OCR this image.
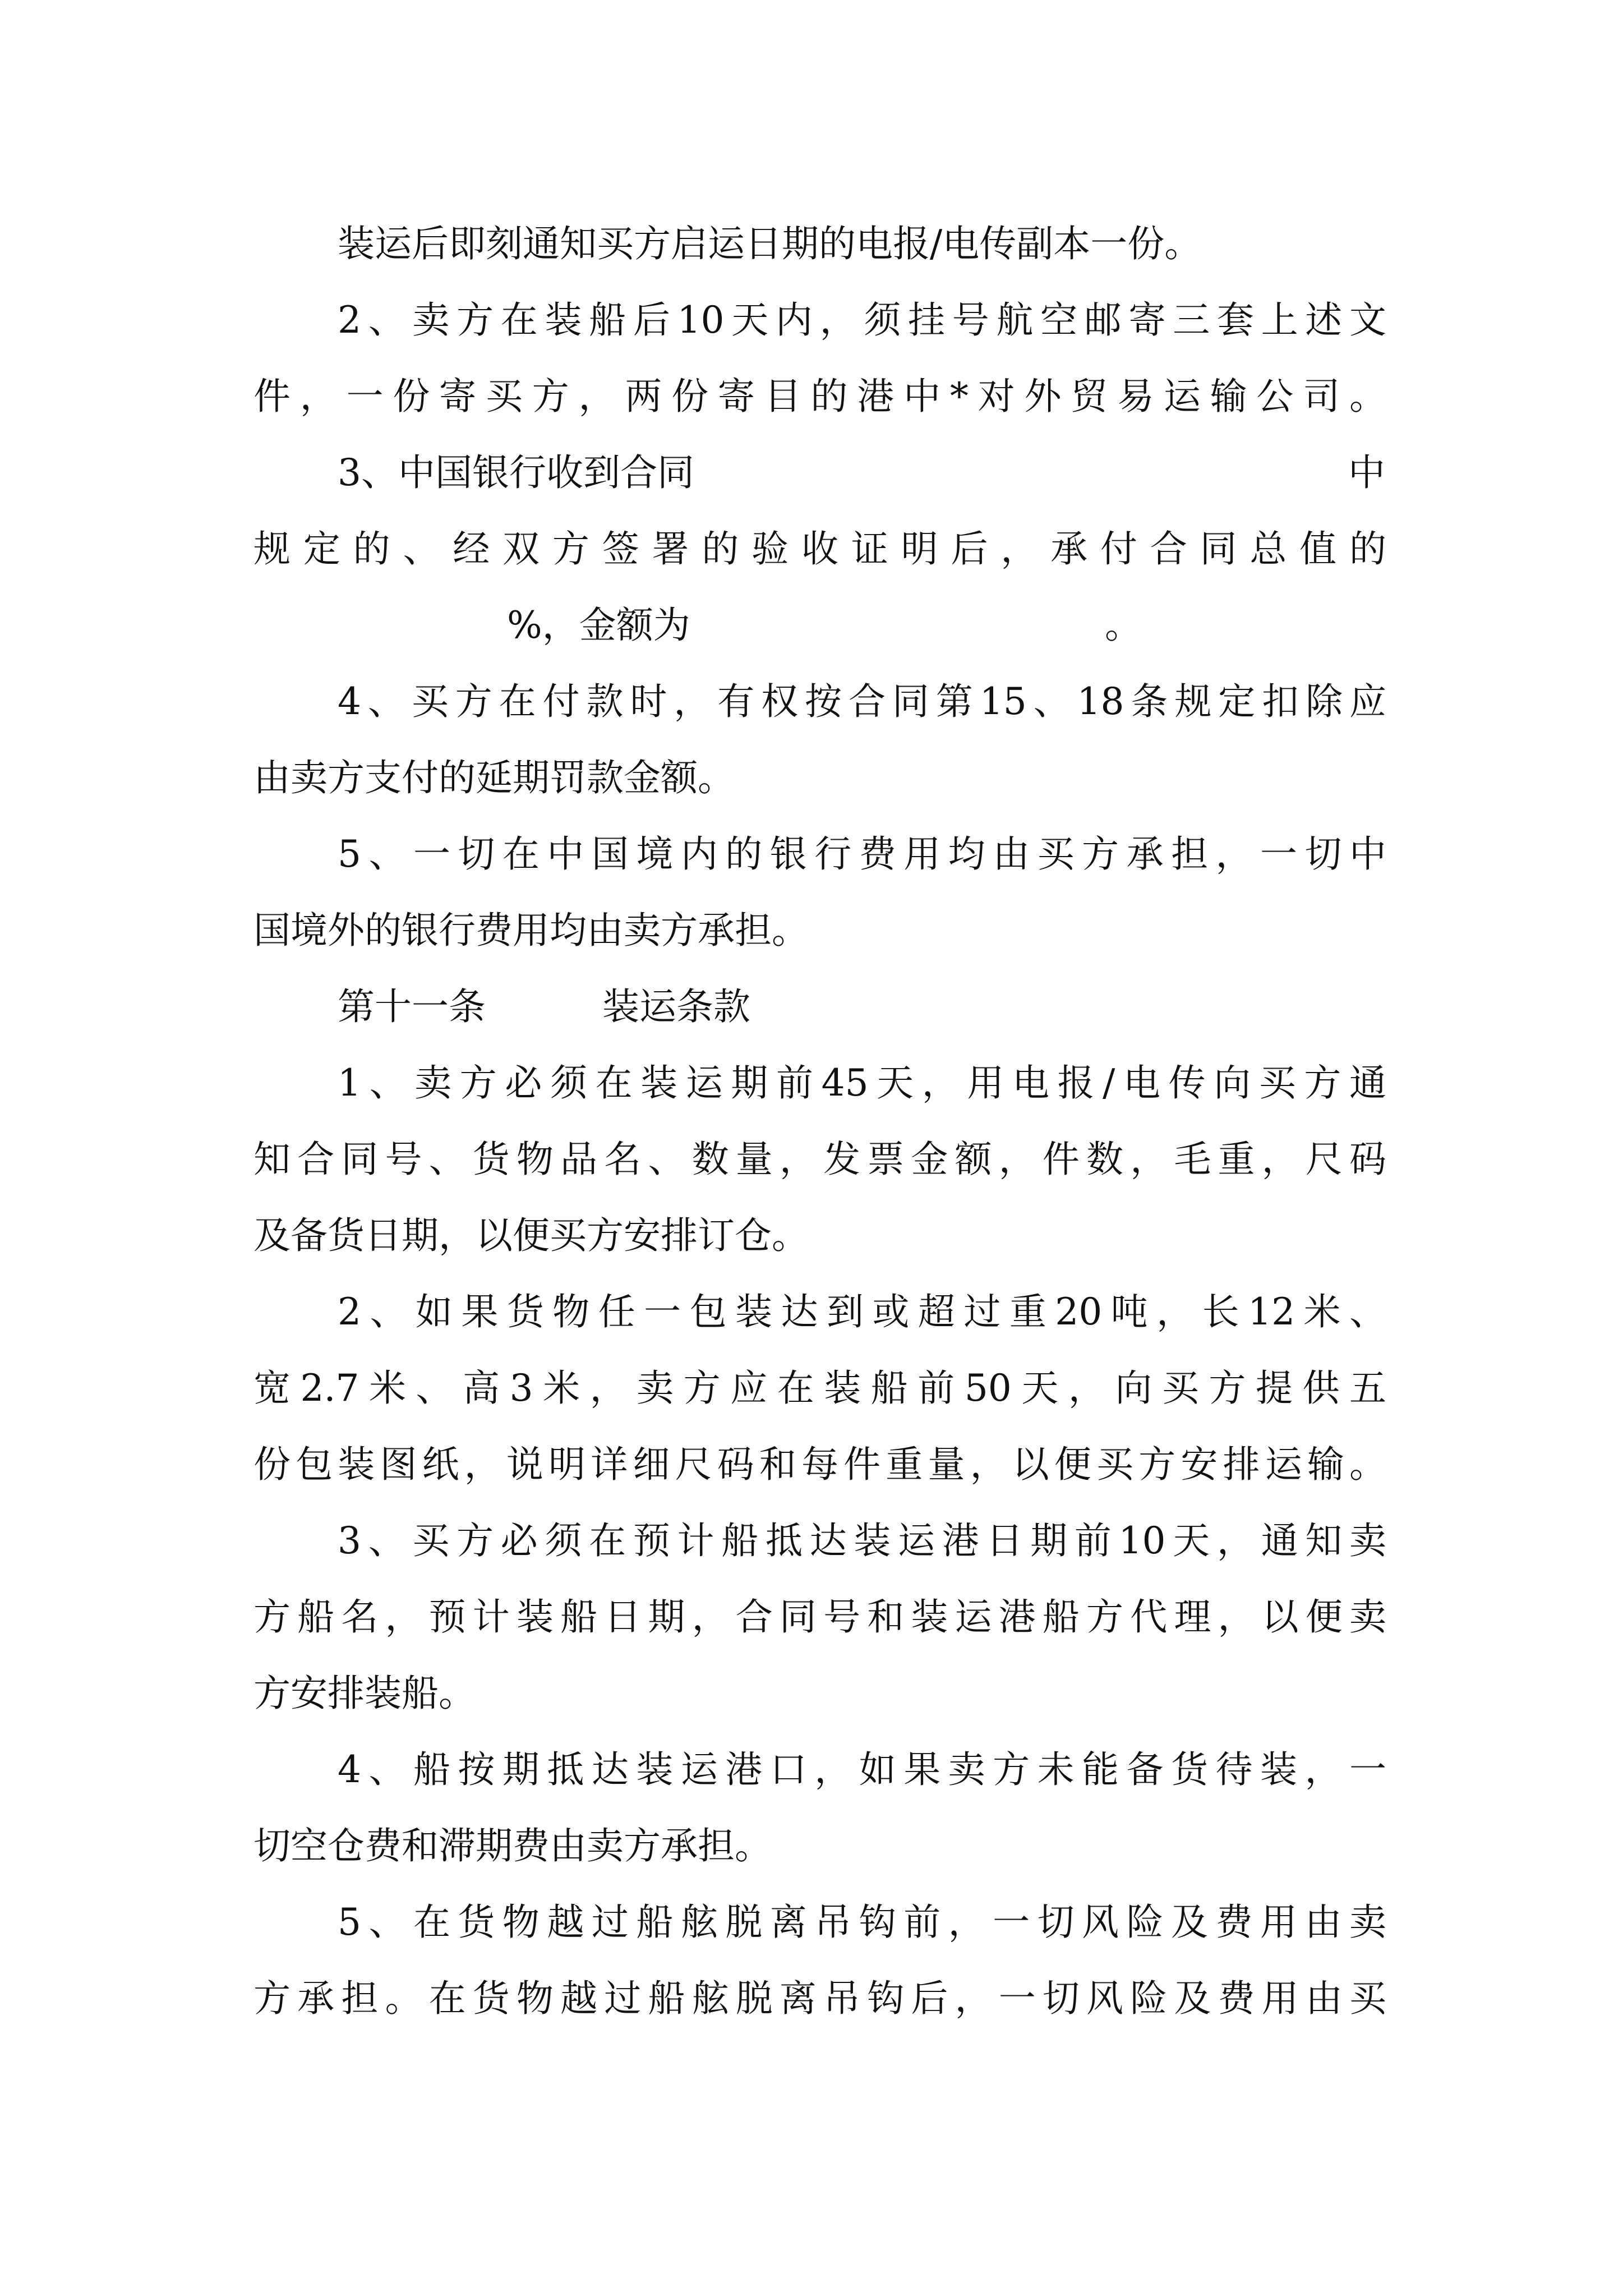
装运后即刻通知买方启运日期的电报/电传副本一份。
2、卖方在装船后10天内，须挂号航空邮寄三套上述文
件，一份寄买方，两份寄目的港中*对外贸易运输公司。
3、中国银行收到合同	中
规定的、经双方签署的验收证明后，承付合同总值的
%，金额为	。
4、买方在付款时，有权按合同第15、18条规定扣除应
由卖方支付的延期罚款金额。
5、一切在中国境内的银行费用均由买方承担，一切中
国境外的银行费用均由卖方承担。
第十一条	装运条款
1、卖方必须在装运期前45天，用电报/电传向买方通
知合同号、货物品名、数量，发票金额，件数，毛重，尺码
及备货日期，以便买方安排订仓。
2、如果货物任一包装达到或超过重20吨，长12米、
宽2.7米、高3米，卖方应在装船前50天，向买方提供五
份包装图纸，说明详细尺码和每件重量，以便买方安排运输。
3、买方必须在预计船抵达装运港日期前10天，通知卖
方船名，预计装船日期，合同号和装运港船方代理，以便卖
方安排装船。
4、船按期抵达装运港口，如果卖方未能备货待装，一
切空仓费和滞期费由卖方承担。
5、在货物越过船舷脱离吊钩前，一切风险及费用由卖
方承担。在货物越过船舷脱离吊钩后，一切风险及费用由买
